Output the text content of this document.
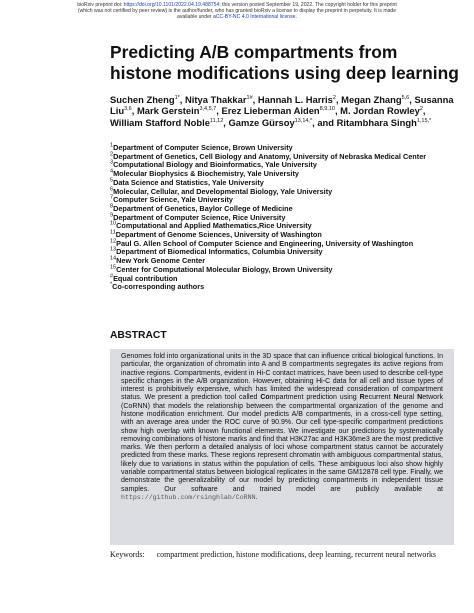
bioRxiv preprint doi: https://doi.org/10.1101/2022.04.19.488754; this version posted September 19, 2022. The copyright holder for this preprint
(which was not certified by peer review) is the author/funder, who has granted bioRxiv a license to display the preprint in perpetuity. It is made
available under aCC-BY-NC 4.0 International license.
Predicting A/B compartments from histone modifications using deep learning
Suchen Zheng$^{1*}$, Nitya Thakkar$^{1\#}$, Hannah L. Harris$^2$, Megan Zhang$^{5,6}$, Susanna Liu$^{3,6}$, Mark Gerstein$^{3,4,5,7}$, Erez Lieberman Aiden$^{8,9,10}$, M. Jordan Rowley$^2$, William Stafford Noble$^{11,12}$, Gamze Gürsoy$^{13,14,*}$, and Ritambhara Singh$^{1,15,*}$
$^1$Department of Computer Science, Brown University
$^2$Department of Genetics, Cell Biology and Anatomy, University of Nebraska Medical Center
$^3$Computational Biology and Bioinformatics, Yale University
$^4$Molecular Biophysics & Biochemistry, Yale University
$^5$Data Science and Statistics, Yale University
$^6$Molecular, Cellular, and Developmental Biology, Yale University
$^7$Computer Science, Yale University
$^8$Department of Genetics, Baylor College of Medicine
$^9$Department of Computer Science, Rice University
$^{10}$Computational and Applied Mathematics,Rice University
$^{11}$Department of Genome Sciences, University of Washington
$^{12}$Paul G. Allen School of Computer Science and Engineering, University of Washington
$^{13}$Department of Biomedical Informatics, Columbia University
$^{14}$New York Genome Center
$^{15}$Center for Computational Molecular Biology, Brown University
#Equal contribution
*Co-corresponding authors
ABSTRACT

Genomes fold into organizational units in the 3D space that can influence critical biological functions. In particular, the organization of chromatin into A and B compartments segregates its active regions from inactive regions. Compartments, evident in Hi-C contact matrices, have been used to describe cell-type specific changes in the A/B organization. However, obtaining Hi-C data for all cell and tissue types of interest is prohibitively expensive, which has limited the widespread consideration of compartment status. We present a prediction tool called Compartment prediction using Recurrent Neural Network (CoRNN) that models the relationship between the compartmental organization of the genome and histone modification enrichment. Our model predicts A/B compartments, in a cross-cell type setting, with an average area under the ROC curve of 90.9%. Our cell type-specific compartment predictions show high overlap with known functional elements. We investigate our predictions by systematically removing combinations of histone marks and find that H3K27ac and H3K36me3 are the most predictive marks. We then perform a detailed analysis of loci whose compartment status cannot be accurately predicted from these marks. These regions represent chromatin with ambiguous compartmental status, likely due to variations in status within the population of cells. These ambiguous loci also show highly variable compartmental status between biological replicates in the same GM12878 cell type. Finally, we demonstrate the generalizability of our model by predicting compartments in independent tissue samples. Our software and trained model are publicly available at https://github.com/rsinghlab/CoRNN.

Keywords: compartment prediction, histone modifications, deep learning, recurrent neural networks
